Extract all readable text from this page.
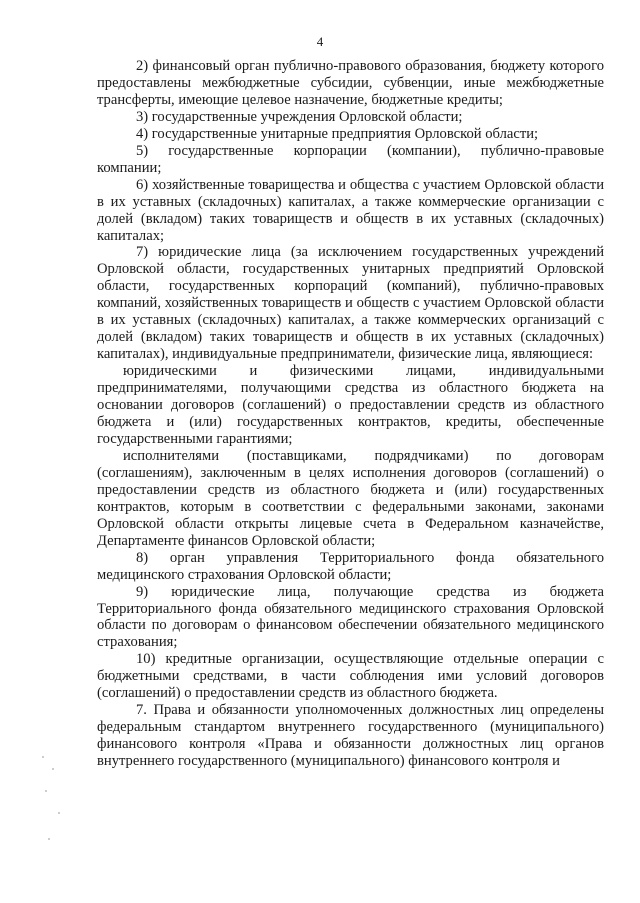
4

2) финансовый орган публично-правового образования, бюджету которого предоставлены межбюджетные субсидии, субвенции, иные межбюджетные трансферты, имеющие целевое назначение, бюджетные кредиты;

3) государственные учреждения Орловской области;

4) государственные унитарные предприятия Орловской области;

5) государственные корпорации (компании), публично-правовые компании;

6) хозяйственные товарищества и общества с участием Орловской области в их уставных (складочных) капиталах, а также коммерческие организации с долей (вкладом) таких товариществ и обществ в их уставных (складочных) капиталах;

7) юридические лица (за исключением государственных учреждений Орловской области, государственных унитарных предприятий Орловской области, государственных корпораций (компаний), публично-правовых компаний, хозяйственных товариществ и обществ с участием Орловской области в их уставных (складочных) капиталах, а также коммерческих организаций с долей (вкладом) таких товариществ и обществ в их уставных (складочных) капиталах), индивидуальные предприниматели, физические лица, являющиеся:

юридическими и физическими лицами, индивидуальными предпринимателями, получающими средства из областного бюджета на основании договоров (соглашений) о предоставлении средств из областного бюджета и (или) государственных контрактов, кредиты, обеспеченные государственными гарантиями;

исполнителями (поставщиками, подрядчиками) по договорам (соглашениям), заключенным в целях исполнения договоров (соглашений) о предоставлении средств из областного бюджета и (или) государственных контрактов, которым в соответствии с федеральными законами, законами Орловской области открыты лицевые счета в Федеральном казначействе, Департаменте финансов Орловской области;

8) орган управления Территориального фонда обязательного медицинского страхования Орловской области;

9) юридические лица, получающие средства из бюджета Территориального фонда обязательного медицинского страхования Орловской области по договорам о финансовом обеспечении обязательного медицинского страхования;

10) кредитные организации, осуществляющие отдельные операции с бюджетными средствами, в части соблюдения ими условий договоров (соглашений) о предоставлении средств из областного бюджета.

7. Права и обязанности уполномоченных должностных лиц определены федеральным стандартом внутреннего государственного (муниципального) финансового контроля «Права и обязанности должностных лиц органов внутреннего государственного (муниципального) финансового контроля и
